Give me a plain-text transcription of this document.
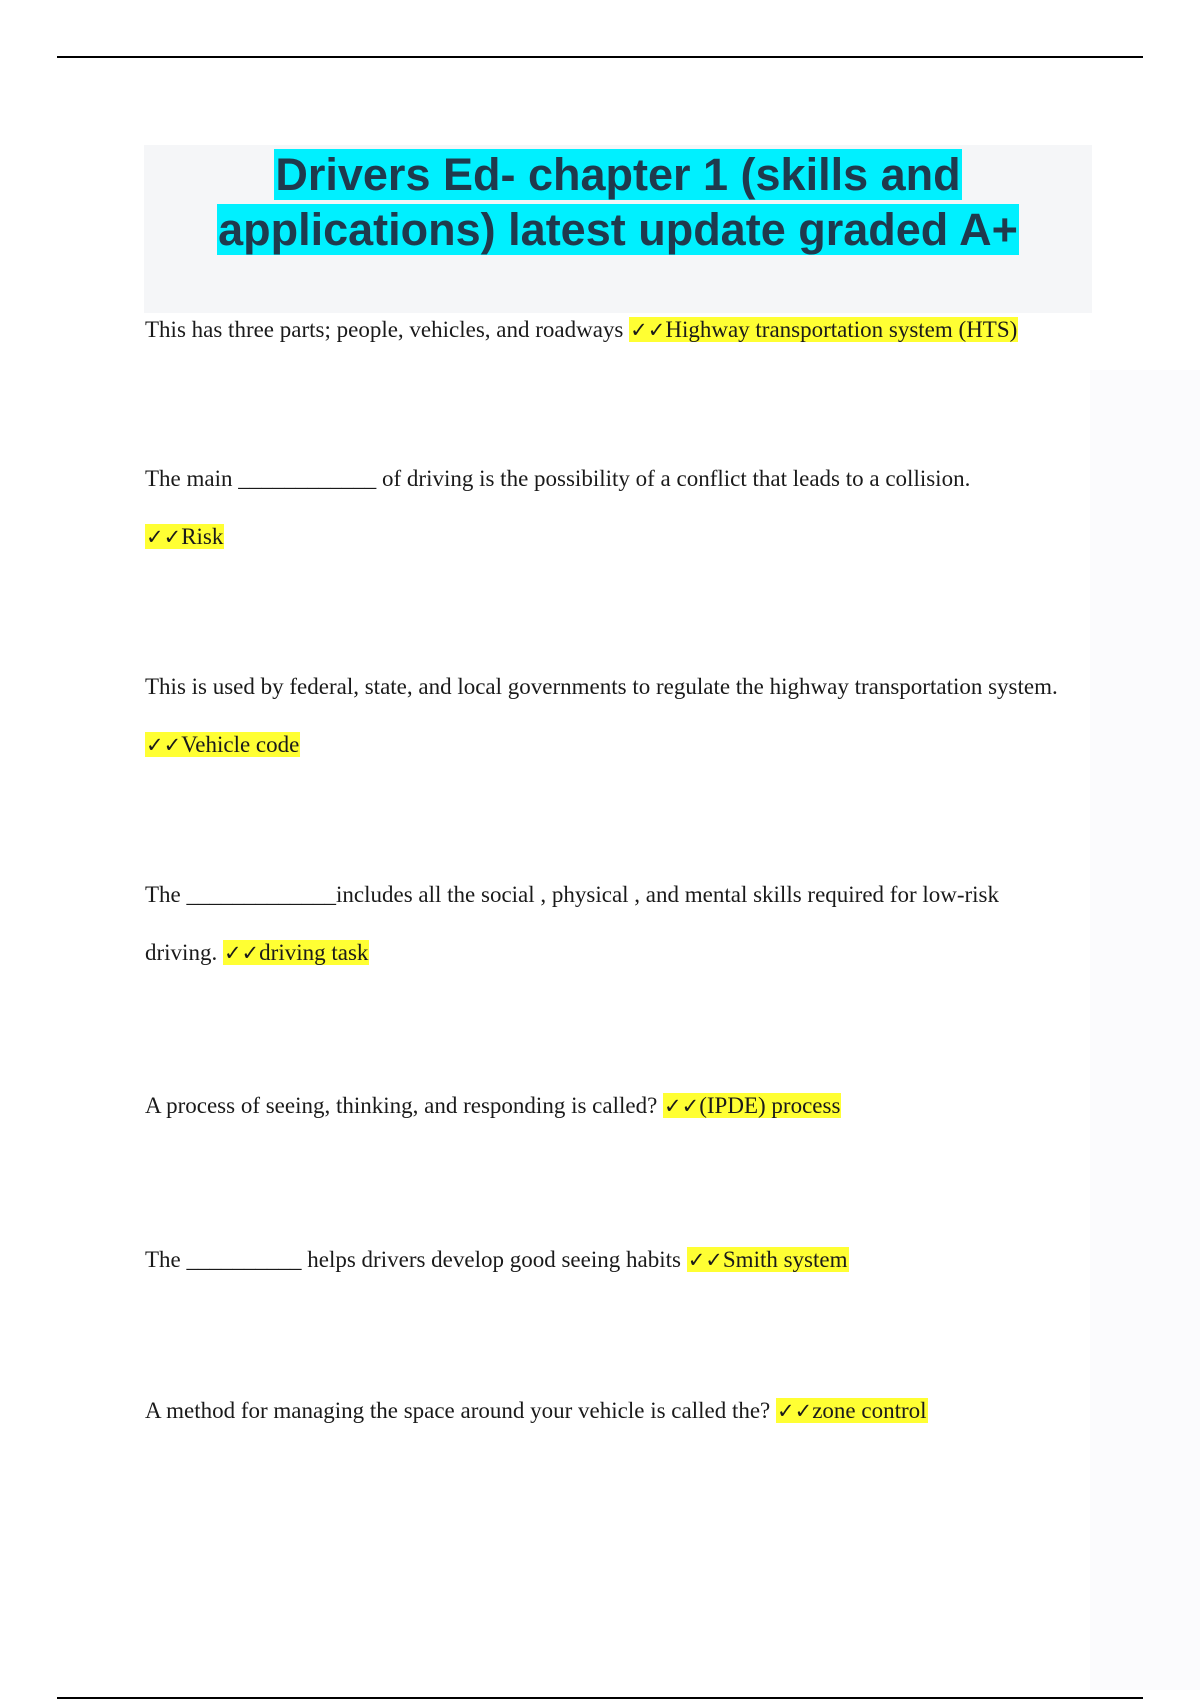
Drivers Ed- chapter 1 (skills and
applications) latest update graded A+

This has three parts; people, vehicles, and roadways ✓✓Highway transportation system (HTS)

The main ____________ of driving is the possibility of a conflict that leads to a collision.
✓✓Risk

This is used by federal, state, and local governments to regulate the highway transportation system. ✓✓Vehicle code

The _____________includes all the social , physical , and mental skills required for low-risk driving. ✓✓driving task

A process of seeing, thinking, and responding is called? ✓✓(IPDE) process

The __________ helps drivers develop good seeing habits ✓✓Smith system

A method for managing the space around your vehicle is called the? ✓✓zone control
